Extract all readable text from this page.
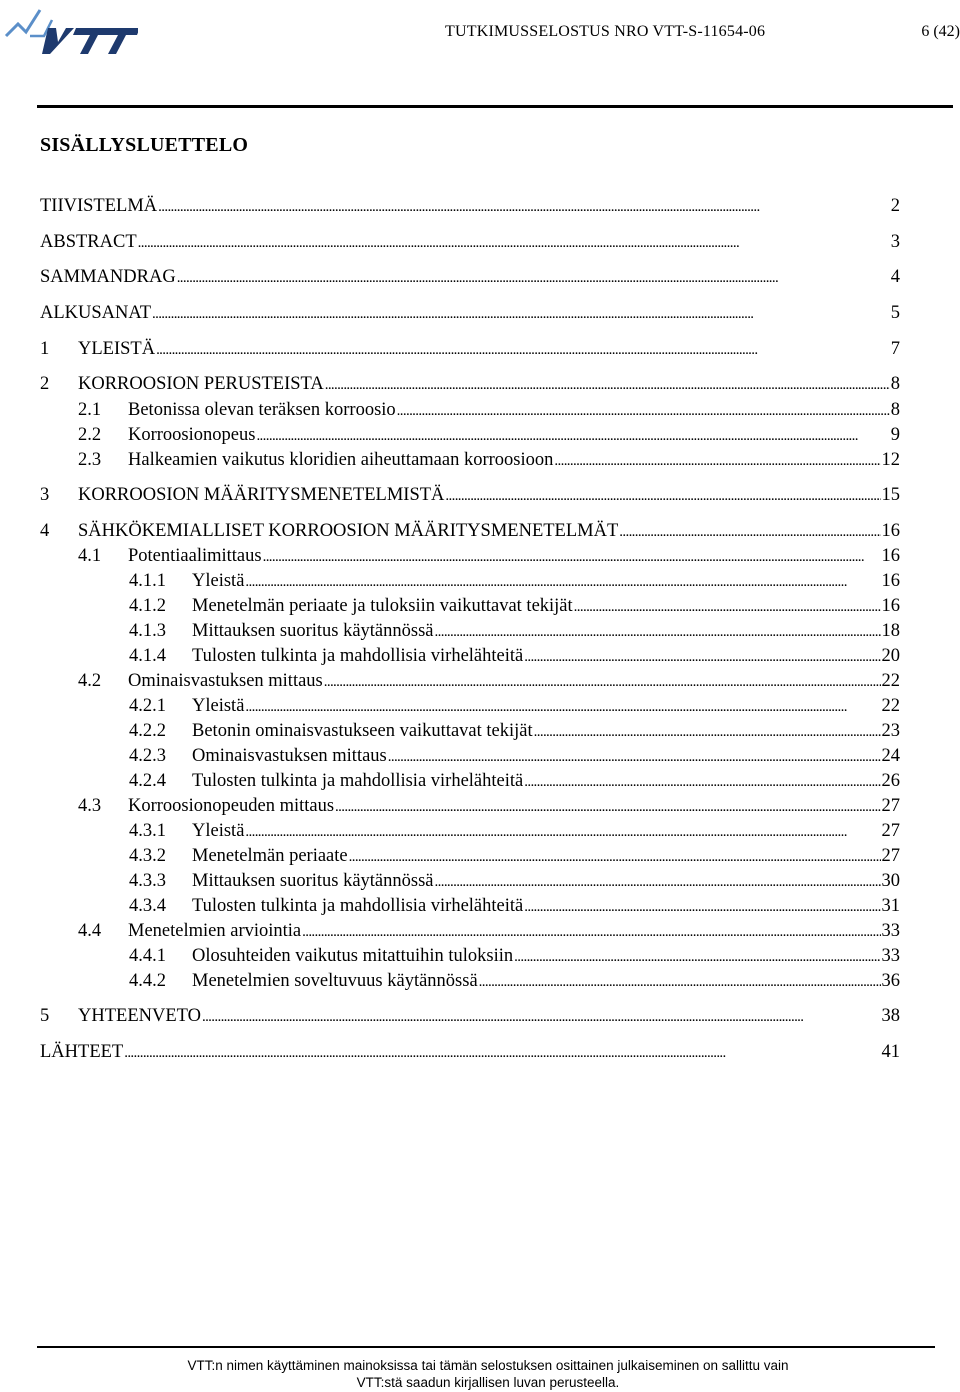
TUTKIMUSSELOSTUS NRO VTT-S-11654-06	6 (42)
SISÄLLYSLUETTELO
TIIVISTELMÄ . . .	2
ABSTRACT . . .	3
SAMMANDRAG . . .	4
ALKUSANAT . . .	5
1	YLEISTÄ . . .	7
2	KORROOSION PERUSTEISTA . . .	8
2.1	Betonissa olevan teräksen korroosio . . .	8
2.2	Korroosionopeus . . .	9
2.3	Halkeamien vaikutus kloridien aiheuttamaan korroosioon . . .	12
3	KORROOSION MÄÄRITYSMENETELMISTÄ . . .	15
4	SÄHKÖKEMIALLISET KORROOSION MÄÄRITYSMENETELMÄT . . .	16
4.1	Potentiaalimittaus . . .	16
4.1.1	Yleistä . . .	16
4.1.2	Menetelmän periaate ja tuloksiin vaikuttavat tekijät . . .	16
4.1.3	Mittauksen suoritus käytännössä . . .	18
4.1.4	Tulosten tulkinta ja mahdollisia virhelähteitä . . .	20
4.2	Ominaisvastuksen mittaus . . .	22
4.2.1	Yleistä . . .	22
4.2.2	Betonin ominaisvastukseen vaikuttavat tekijät . . .	23
4.2.3	Ominaisvastuksen mittaus . . .	24
4.2.4	Tulosten tulkinta ja mahdollisia virhelähteitä . . .	26
4.3	Korroosionopeuden mittaus . . .	27
4.3.1	Yleistä . . .	27
4.3.2	Menetelmän periaate . . .	27
4.3.3	Mittauksen suoritus käytännössä . . .	30
4.3.4	Tulosten tulkinta ja mahdollisia virhelähteitä . . .	31
4.4	Menetelmien arviointia . . .	33
4.4.1	Olosuhteiden vaikutus mitattuihin tuloksiin . . .	33
4.4.2	Menetelmien soveltuvuus käytännössä . . .	36
5	YHTEENVETO . . .	38
LÄHTEET . . .	41
VTT:n nimen käyttäminen mainoksissa tai tämän selostuksen osittainen julkaiseminen on sallittu vain
VTT:stä saadun kirjallisen luvan perusteella.
